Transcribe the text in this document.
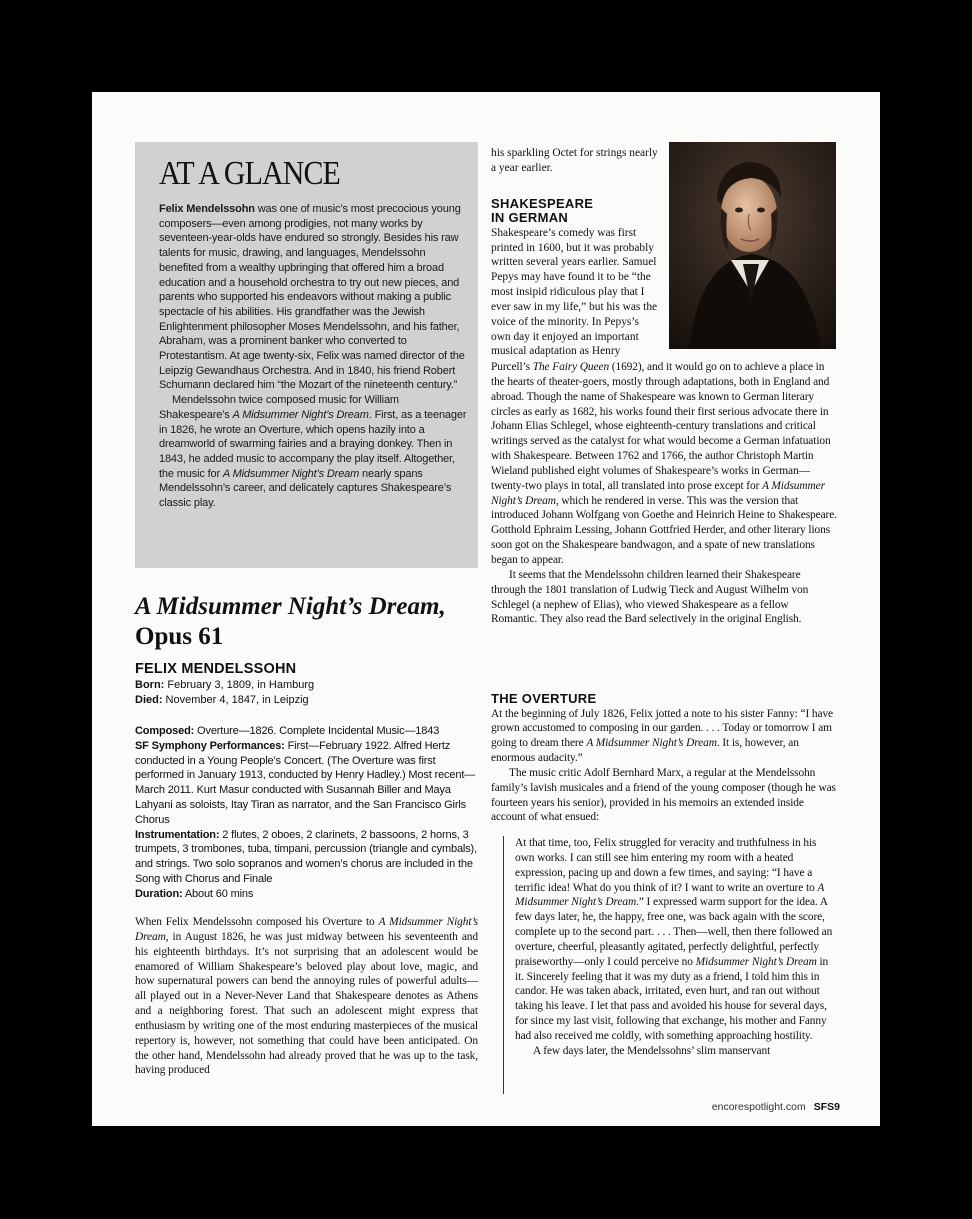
AT A GLANCE

Felix Mendelssohn was one of music’s most precocious young composers—even among prodigies, not many works by seventeen-year-olds have endured so strongly. Besides his raw talents for music, drawing, and languages, Mendelssohn benefited from a wealthy upbringing that offered him a broad education and a household orchestra to try out new pieces, and parents who supported his endeavors without making a public spectacle of his abilities. His grandfather was the Jewish Enlightenment philosopher Moses Mendelssohn, and his father, Abraham, was a prominent banker who converted to Protestantism. At age twenty-six, Felix was named director of the Leipzig Gewandhaus Orchestra. And in 1840, his friend Robert Schumann declared him “the Mozart of the nineteenth century.”

Mendelssohn twice composed music for William Shakespeare’s A Midsummer Night’s Dream. First, as a teenager in 1826, he wrote an Overture, which opens hazily into a dreamworld of swarming fairies and a braying donkey. Then in 1843, he added music to accompany the play itself. Altogether, the music for A Midsummer Night’s Dream nearly spans Mendelssohn’s career, and delicately captures Shakespeare’s classic play.

A Midsummer Night’s Dream, Opus 61
FELIX MENDELSSOHN
Born: February 3, 1809, in Hamburg
Died: November 4, 1847, in Leipzig

Composed: Overture—1826. Complete Incidental Music—1843

SF Symphony Performances: First—February 1922. Alfred Hertz conducted in a Young People’s Concert. (The Overture was first performed in January 1913, conducted by Henry Hadley.) Most recent—March 2011. Kurt Masur conducted with Susannah Biller and Maya Lahyani as soloists, Itay Tiran as narrator, and the San Francisco Girls Chorus

Instrumentation: 2 flutes, 2 oboes, 2 clarinets, 2 bassoons, 2 horns, 3 trumpets, 3 trombones, tuba, timpani, percussion (triangle and cymbals), and strings. Two solo sopranos and women’s chorus are included in the Song with Chorus and Finale

Duration: About 60 mins

When Felix Mendelssohn composed his Overture to A Midsummer Night’s Dream, in August 1826, he was just midway between his seventeenth and his eighteenth birthdays. It’s not surprising that an adolescent would be enamored of William Shakespeare’s beloved play about love, magic, and how supernatural powers can bend the annoying rules of powerful adults—all played out in a Never-Never Land that Shakespeare denotes as Athens and a neighboring forest. That such an adolescent might express that enthusiasm by writing one of the most enduring masterpieces of the musical repertory is, however, not something that could have been anticipated. On the other hand, Mendelssohn had already proved that he was up to the task, having produced

his sparkling Octet for strings nearly a year earlier.

SHAKESPEARE
IN GERMAN

Shakespeare’s comedy was first printed in 1600, but it was probably written several years earlier. Samuel Pepys may have found it to be “the most insipid ridiculous play that I ever saw in my life,” but his was the voice of the minority. In Pepys’s own day it enjoyed an important musical adaptation as Henry

Purcell’s The Fairy Queen (1692), and it would go on to achieve a place in the hearts of theater-goers, mostly through adaptations, both in England and abroad. Though the name of Shakespeare was known to German literary circles as early as 1682, his works found their first serious advocate there in Johann Elias Schlegel, whose eighteenth-century translations and critical writings served as the catalyst for what would become a German infatuation with Shakespeare. Between 1762 and 1766, the author Christoph Martin Wieland published eight volumes of Shakespeare’s works in German—twenty-two plays in total, all translated into prose except for A Midsummer Night’s Dream, which he rendered in verse. This was the version that introduced Johann Wolfgang von Goethe and Heinrich Heine to Shakespeare. Gotthold Ephraim Lessing, Johann Gottfried Herder, and other literary lions soon got on the Shakespeare bandwagon, and a spate of new translations began to appear.

It seems that the Mendelssohn children learned their Shakespeare through the 1801 translation of Ludwig Tieck and August Wilhelm von Schlegel (a nephew of Elias), who viewed Shakespeare as a fellow Romantic. They also read the Bard selectively in the original English.

THE OVERTURE

At the beginning of July 1826, Felix jotted a note to his sister Fanny: “I have grown accustomed to composing in our garden. . . . Today or tomorrow I am going to dream there A Midsummer Night’s Dream. It is, however, an enormous audacity.”

The music critic Adolf Bernhard Marx, a regular at the Mendelssohn family’s lavish musicales and a friend of the young composer (though he was fourteen years his senior), provided in his memoirs an extended inside account of what ensued:

At that time, too, Felix struggled for veracity and truthfulness in his own works. I can still see him entering my room with a heated expression, pacing up and down a few times, and saying: “I have a terrific idea! What do you think of it? I want to write an overture to A Midsummer Night’s Dream.” I expressed warm support for the idea. A few days later, he, the happy, free one, was back again with the score, complete up to the second part. . . . Then—well, then there followed an overture, cheerful, pleasantly agitated, perfectly delightful, perfectly praiseworthy—only I could perceive no Midsummer Night’s Dream in it. Sincerely feeling that it was my duty as a friend, I told him this in candor. He was taken aback, irritated, even hurt, and ran out without taking his leave. I let that pass and avoided his house for several days, for since my last visit, following that exchange, his mother and Fanny had also received me coldly, with something approaching hostility.

A few days later, the Mendelssohns’ slim manservant

encorespotlight.com SFS9
